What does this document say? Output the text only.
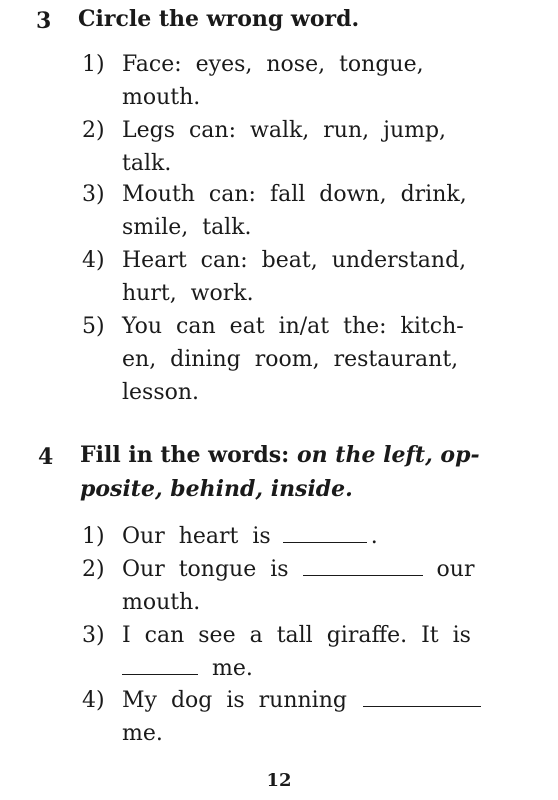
3 Circle the wrong word.
1) Face:  eyes,  nose,  tongue,
mouth.
2) Legs  can:  walk,  run,  jump,
talk.
3) Mouth  can:  fall  down,  drink,
smile,  talk.
4) Heart  can:  beat,  understand,
hurt,  work.
5) You  can  eat  in/at  the:  kitch-
en,  dining  room,  restaurant,
lesson.
4 Fill in the words: on the left, op-
posite, behind, inside.
1) Our  heart  is	.
2) Our  tongue  is	our
mouth.
3) I  can  see  a  tall  giraffe.  It  is
me.
4) My  dog  is  running
me.
12
